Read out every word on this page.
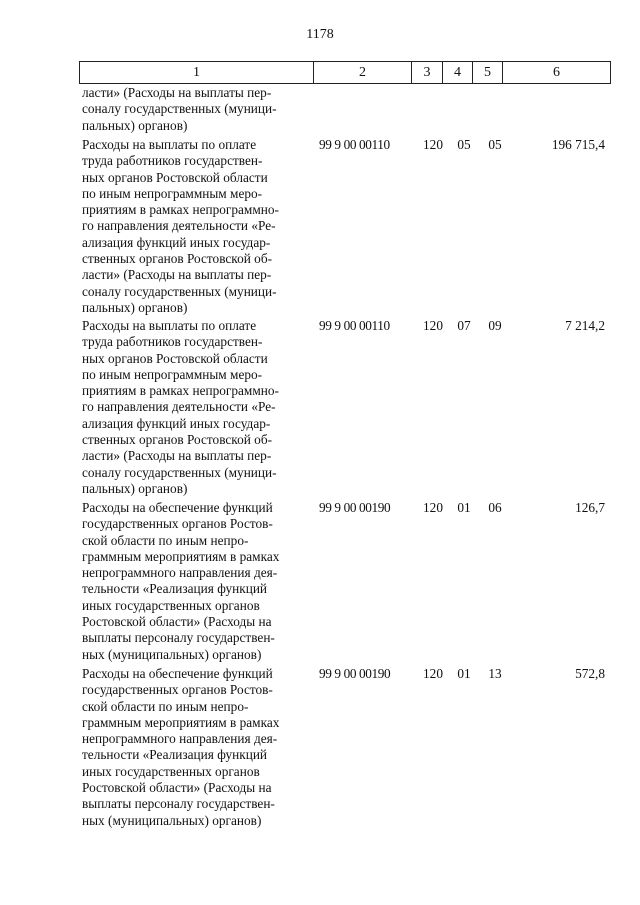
1178
1	2	3	4	5	6
ласти» (Расходы на выплаты пер-
соналу государственных (муници-
пальных) органов)
Расходы на выплаты по оплате
труда работников государствен-
ных органов Ростовской области
по иным непрограммным меро-
приятиям в рамках непрограммно-
го направления деятельности «Ре-
ализация функций иных государ-
ственных органов Ростовской об-
ласти» (Расходы на выплаты пер-
соналу государственных (муници-
пальных) органов)
99 9 00 00110	120	05	05	196 715,4
Расходы на выплаты по оплате
труда работников государствен-
ных органов Ростовской области
по иным непрограммным меро-
приятиям в рамках непрограммно-
го направления деятельности «Ре-
ализация функций иных государ-
ственных органов Ростовской об-
ласти» (Расходы на выплаты пер-
соналу государственных (муници-
пальных) органов)
99 9 00 00110	120	07	09	7 214,2
Расходы на обеспечение функций
государственных органов Ростов-
ской области по иным непро-
граммным мероприятиям в рамках
непрограммного направления дея-
тельности «Реализация функций
иных государственных органов
Ростовской области» (Расходы на
выплаты персоналу государствен-
ных (муниципальных) органов)
99 9 00 00190	120	01	06	126,7
Расходы на обеспечение функций
государственных органов Ростов-
ской области по иным непро-
граммным мероприятиям в рамках
непрограммного направления дея-
тельности «Реализация функций
иных государственных органов
Ростовской области» (Расходы на
выплаты персоналу государствен-
ных (муниципальных) органов)
99 9 00 00190	120	01	13	572,8
